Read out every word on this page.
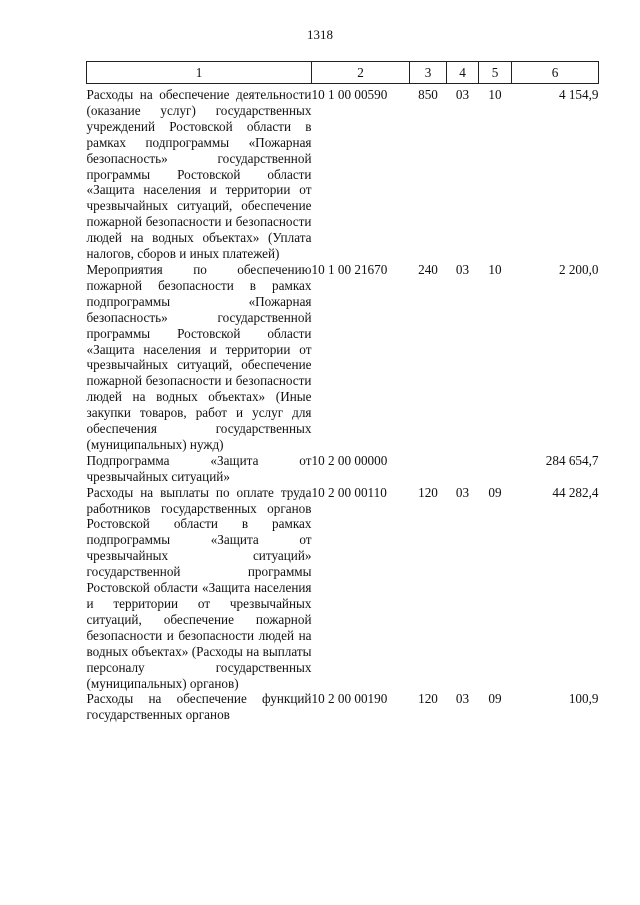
1318
1	2	3	4	5	6
Расходы на обеспечение деятельности (оказание услуг) государственных учреждений Ростовской области в рамках подпрограммы «Пожарная безопасность» государственной программы Ростовской области «Защита населения и территории от чрезвычайных ситуаций, обеспечение пожарной безопасности и безопасности людей на водных объектах» (Уплата налогов, сборов и иных платежей)	10 1 00 00590	850	03	10	4 154,9
Мероприятия по обеспечению пожарной безопасности в рамках подпрограммы «Пожарная безопасность» государственной программы Ростовской области «Защита населения и территории от чрезвычайных ситуаций, обеспечение пожарной безопасности и безопасности людей на водных объектах» (Иные закупки товаров, работ и услуг для обеспечения государственных (муниципальных) нужд)	10 1 00 21670	240	03	10	2 200,0
Подпрограмма «Защита от чрезвычайных ситуаций»	10 2 00 00000				284 654,7
Расходы на выплаты по оплате труда работников государственных органов Ростовской области в рамках подпрограммы «Защита от чрезвычайных ситуаций» государственной программы Ростовской области «Защита населения и территории от чрезвычайных ситуаций, обеспечение пожарной безопасности и безопасности людей на водных объектах» (Расходы на выплаты персоналу государственных (муниципальных) органов)	10 2 00 00110	120	03	09	44 282,4
Расходы на обеспечение функций государственных органов	10 2 00 00190	120	03	09	100,9
